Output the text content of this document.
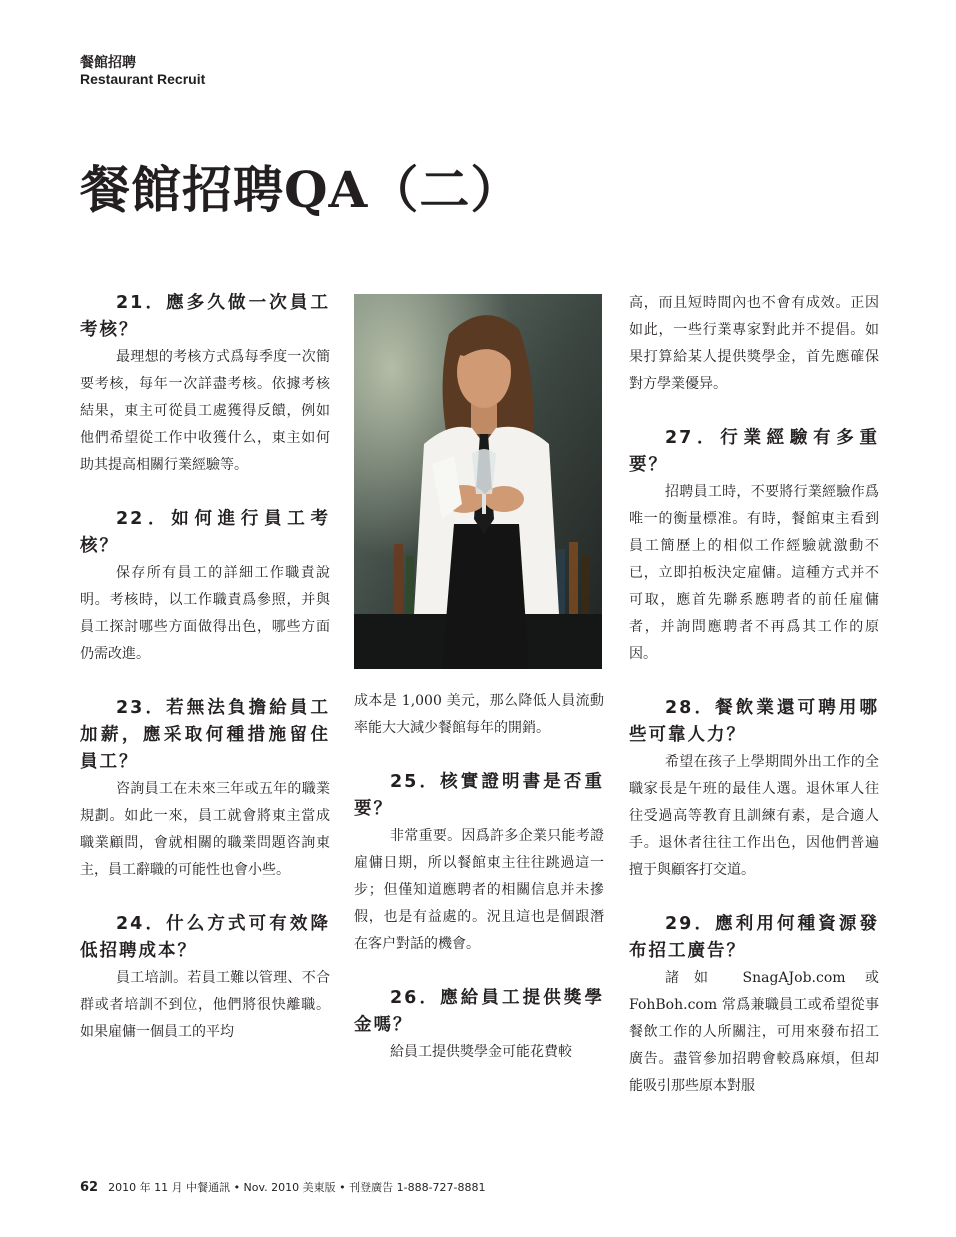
餐館招聘
Restaurant Recruit
餐館招聘QA（二）

21．應多久做一次員工考核？

最理想的考核方式爲每季度一次簡要考核，每年一次詳盡考核。依據考核結果，東主可從員工處獲得反饋，例如他們希望從工作中收獲什么，東主如何助其提高相關行業經驗等。

22．如何進行員工考核？

保存所有員工的詳細工作職責說明。考核時，以工作職責爲參照，并與員工探討哪些方面做得出色，哪些方面仍需改進。

23．若無法負擔給員工加薪，應采取何種措施留住員工？

咨詢員工在未來三年或五年的職業規劃。如此一來，員工就會將東主當成職業顧問，會就相關的職業問題咨詢東主，員工辭職的可能性也會小些。

24．什么方式可有效降低招聘成本？

員工培訓。若員工難以管理、不合群或者培訓不到位，他們將很快離職。如果雇傭一個員工的平均

成本是 1,000 美元，那么降低人員流動率能大大減少餐館每年的開銷。

25．核實證明書是否重要？

非常重要。因爲許多企業只能考證雇傭日期，所以餐館東主往往跳過這一步；但僅知道應聘者的相關信息并未摻假，也是有益處的。況且這也是個跟潛在客户對話的機會。

26．應給員工提供獎學金嗎？

給員工提供獎學金可能花費較

高，而且短時間內也不會有成效。正因如此，一些行業專家對此并不提倡。如果打算給某人提供獎學金，首先應確保對方學業優异。

27．行業經驗有多重要？

招聘員工時，不要將行業經驗作爲唯一的衡量標准。有時，餐館東主看到員工簡歷上的相似工作經驗就激動不已，立即拍板決定雇傭。這種方式并不可取，應首先聯系應聘者的前任雇傭者，并詢問應聘者不再爲其工作的原因。

28．餐飲業還可聘用哪些可靠人力？

希望在孩子上學期間外出工作的全職家長是午班的最佳人選。退休軍人往往受過高等教育且訓練有素，是合適人手。退休者往往工作出色，因他們普遍擅于與顧客打交道。

29．應利用何種資源發布招工廣告？

諸如 SnagAJob.com 或 FohBoh.com 常爲兼職員工或希望從事餐飲工作的人所關注，可用來發布招工廣告。盡管參加招聘會較爲麻煩，但却能吸引那些原本對服

62 2010 年 11 月 中餐通訊 • Nov. 2010 美東版 • 刊登廣告 1-888-727-8881
